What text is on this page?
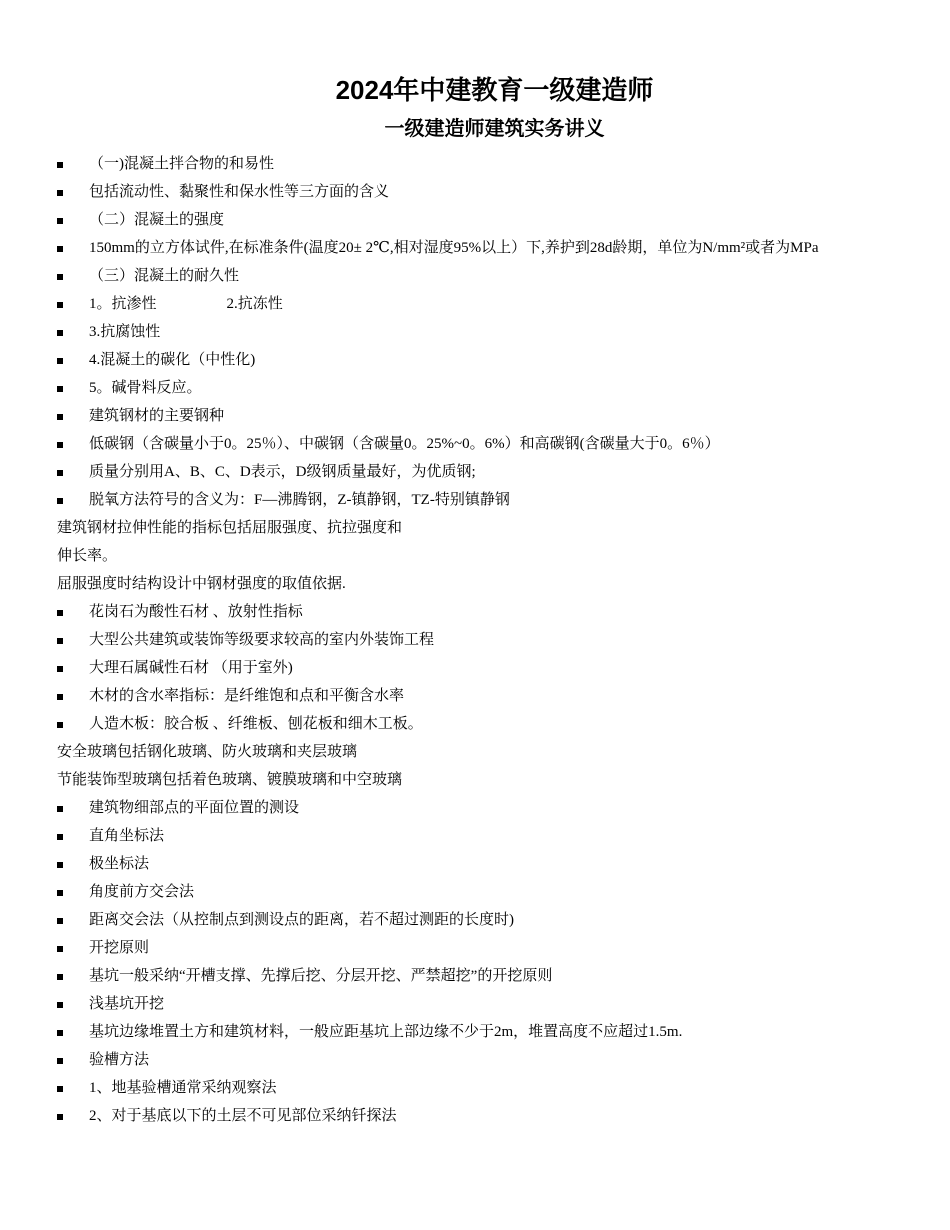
2024年中建教育一级建造师
一级建造师建筑实务讲义
（一)混凝土拌合物的和易性
包括流动性、黏聚性和保水性等三方面的含义
（二）混凝土的强度
150mm的立方体试件,在标准条件(温度20± 2℃,相对湿度95%以上）下,养护到28d龄期，单位为N/mm²或者为MPa
（三）混凝土的耐久性
1。抗渗性	2.抗冻性
3.抗腐蚀性
4.混凝土的碳化（中性化)
5。碱骨料反应。
建筑钢材的主要钢种
低碳钢（含碳量小于0。25％）、中碳钢（含碳量0。25%~0。6%）和高碳钢(含碳量大于0。6％）
质量分别用A、B、C、D表示，D级钢质量最好，为优质钢;
脱氧方法符号的含义为：F—沸腾钢，Z-镇静钢，TZ-特别镇静钢
建筑钢材拉伸性能的指标包括屈服强度、抗拉强度和
伸长率。
屈服强度时结构设计中钢材强度的取值依据.
花岗石为酸性石材 、放射性指标
大型公共建筑或装饰等级要求较高的室内外装饰工程
大理石属碱性石材 （用于室外)
木材的含水率指标：是纤维饱和点和平衡含水率
人造木板：胶合板 、纤维板、刨花板和细木工板。
安全玻璃包括钢化玻璃、防火玻璃和夹层玻璃
节能装饰型玻璃包括着色玻璃、镀膜玻璃和中空玻璃
建筑物细部点的平面位置的测设
直角坐标法
极坐标法
角度前方交会法
距离交会法（从控制点到测设点的距离，若不超过测距的长度时)
开挖原则
基坑一般采纳“开槽支撑、先撑后挖、分层开挖、严禁超挖”的开挖原则
浅基坑开挖
基坑边缘堆置土方和建筑材料，一般应距基坑上部边缘不少于2m，堆置高度不应超过1.5m.
验槽方法
1、地基验槽通常采纳观察法
2、对于基底以下的土层不可见部位采纳钎探法
